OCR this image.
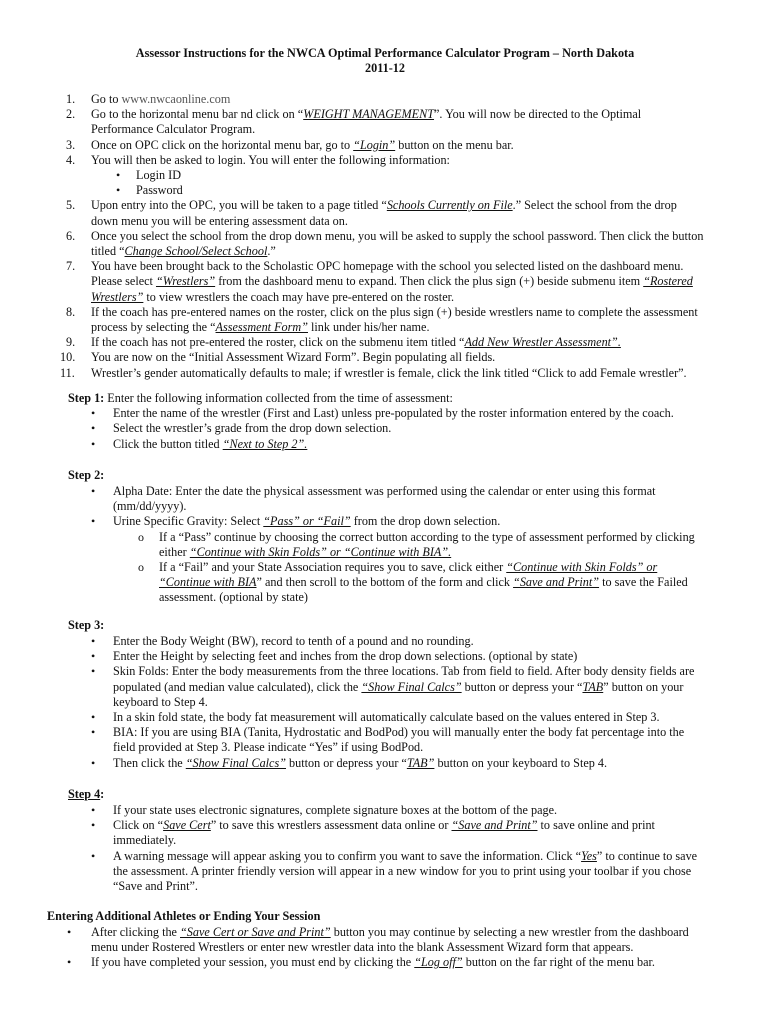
Assessor Instructions for the NWCA Optimal Performance Calculator Program – North Dakota
2011-12
1. Go to www.nwcaonline.com
2. Go to the horizontal menu bar nd click on “WEIGHT MANAGEMENT”. You will now be directed to the Optimal
Performance Calculator Program.
3. Once on OPC click on the horizontal menu bar, go to “Login” button on the menu bar.
4. You will then be asked to login. You will enter the following information:
• Login ID
• Password
5. Upon entry into the OPC, you will be taken to a page titled “Schools Currently on File.” Select the school from the drop
down menu you will be entering assessment data on.
6. Once you select the school from the drop down menu, you will be asked to supply the school password. Then click the button
titled “Change School/Select School.”
7. You have been brought back to the Scholastic OPC homepage with the school you selected listed on the dashboard menu.
Please select “Wrestlers” from the dashboard menu to expand. Then click the plus sign (+) beside submenu item “Rostered
Wrestlers” to view wrestlers the coach may have pre-entered on the roster.
8. If the coach has pre-entered names on the roster, click on the plus sign (+) beside wrestlers name to complete the assessment
process by selecting the “Assessment Form” link under his/her name.
9. If the coach has not pre-entered the roster, click on the submenu item titled “Add New Wrestler Assessment”.
10. You are now on the “Initial Assessment Wizard Form”. Begin populating all fields.
11. Wrestler’s gender automatically defaults to male; if wrestler is female, click the link titled “Click to add Female wrestler”.
Step 1: Enter the following information collected from the time of assessment:
• Enter the name of the wrestler (First and Last) unless pre-populated by the roster information entered by the coach.
• Select the wrestler’s grade from the drop down selection.
• Click the button titled “Next to Step 2”.
Step 2:
• Alpha Date: Enter the date the physical assessment was performed using the calendar or enter using this format
(mm/dd/yyyy).
• Urine Specific Gravity: Select “Pass” or “Fail” from the drop down selection.
o If a “Pass” continue by choosing the correct button according to the type of assessment performed by clicking
either “Continue with Skin Folds” or “Continue with BIA”.
o If a “Fail” and your State Association requires you to save, click either “Continue with Skin Folds” or
“Continue with BIA” and then scroll to the bottom of the form and click “Save and Print” to save the Failed
assessment. (optional by state)
Step 3:
• Enter the Body Weight (BW), record to tenth of a pound and no rounding.
• Enter the Height by selecting feet and inches from the drop down selections. (optional by state)
• Skin Folds: Enter the body measurements from the three locations. Tab from field to field. After body density fields are
populated (and median value calculated), click the “Show Final Calcs” button or depress your “TAB” button on your
keyboard to Step 4.
• In a skin fold state, the body fat measurement will automatically calculate based on the values entered in Step 3.
• BIA: If you are using BIA (Tanita, Hydrostatic and BodPod) you will manually enter the body fat percentage into the
field provided at Step 3. Please indicate “Yes” if using BodPod.
• Then click the “Show Final Calcs” button or depress your “TAB” button on your keyboard to Step 4.
Step 4:
• If your state uses electronic signatures, complete signature boxes at the bottom of the page.
• Click on “Save Cert” to save this wrestlers assessment data online or “Save and Print” to save online and print
immediately.
• A warning message will appear asking you to confirm you want to save the information. Click “Yes” to continue to save
the assessment. A printer friendly version will appear in a new window for you to print using your toolbar if you chose
“Save and Print”.
Entering Additional Athletes or Ending Your Session
• After clicking the “Save Cert or Save and Print” button you may continue by selecting a new wrestler from the dashboard
menu under Rostered Wrestlers or enter new wrestler data into the blank Assessment Wizard form that appears.
• If you have completed your session, you must end by clicking the “Log off” button on the far right of the menu bar.
